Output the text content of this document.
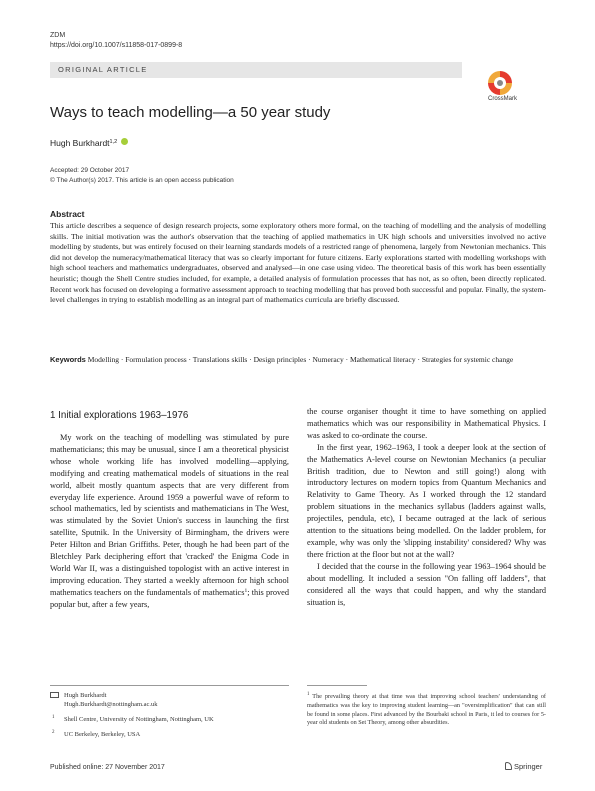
ZDM
https://doi.org/10.1007/s11858-017-0899-8
ORIGINAL ARTICLE
CrossMark
Ways to teach modelling—a 50 year study
Hugh Burkhardt$^{1,2}$
Accepted: 29 October 2017
© The Author(s) 2017. This article is an open access publication
Abstract
This article describes a sequence of design research projects, some exploratory others more formal, on the teaching of modelling and the analysis of modelling skills. The initial motivation was the author's observation that the teaching of applied mathematics in UK high schools and universities involved no active modelling by students, but was entirely focused on their learning standards models of a restricted range of phenomena, largely from Newtonian mechanics. This did not develop the numeracy/mathematical literacy that was so clearly important for future citizens. Early explorations started with modelling workshops with high school teachers and mathematics undergraduates, observed and analysed—in one case using video. The theoretical basis of this work has been essentially heuristic; though the Shell Centre studies included, for example, a detailed analysis of formulation processes that has not, as so often, been directly replicated. Recent work has focused on developing a formative assessment approach to teaching modelling that has proved both successful and popular. Finally, the system-level challenges in trying to establish modelling as an integral part of mathematics curricula are briefly discussed.
Keywords Modelling · Formulation process · Translations skills · Design principles · Numeracy · Mathematical literacy · Strategies for systemic change
1 Initial explorations 1963–1976

My work on the teaching of modelling was stimulated by pure mathematicians; this may be unusual, since I am a theoretical physicist whose whole working life has involved modelling—applying, modifying and creating mathematical models of situations in the real world, albeit mostly quantum aspects that are very different from everyday life experience. Around 1959 a powerful wave of reform to school mathematics, led by scientists and mathematicians in The West, was stimulated by the Soviet Union's success in launching the first satellite, Sputnik. In the University of Birmingham, the drivers were Peter Hilton and Brian Griffiths. Peter, though he had been part of the Bletchley Park deciphering effort that 'cracked' the Enigma Code in World War II, was a distinguished topologist with an active interest in improving education. They started a weekly afternoon for high school mathematics teachers on the fundamentals of mathematics$^1$; this proved popular but, after a few years,

the course organiser thought it time to have something on applied mathematics which was our responsibility in Mathematical Physics. I was asked to co-ordinate the course.

In the first year, 1962–1963, I took a deeper look at the section of the Mathematics A-level course on Newtonian Mechanics (a peculiar British tradition, due to Newton and still going!) along with introductory lectures on modern topics from Quantum Mechanics and Relativity to Game Theory. As I worked through the 12 standard problem situations in the mechanics syllabus (ladders against walls, projectiles, pendula, etc), I became outraged at the lack of serious attention to the situations being modelled. On the ladder problem, for example, why was only the 'slipping instability' considered? Why was there friction at the floor but not at the wall?

I decided that the course in the following year 1963–1964 should be about modelling. It included a session "On falling off ladders", that considered all the ways that could happen, and why the standard situation is,

Hugh Burkhardt
Hugh.Burkhardt@nottingham.ac.uk
1 Shell Centre, University of Nottingham, Nottingham, UK
2 UC Berkeley, Berkeley, USA
$^1$ The prevailing theory at that time was that improving school teachers' understanding of mathematics was the key to improving student learning—an "oversimplification" that can still be found in some places. First advanced by the Bourbaki school in Paris, it led to courses for 5-year old students on Set Theory, among other absurdities.
Published online: 27 November 2017	Springer
